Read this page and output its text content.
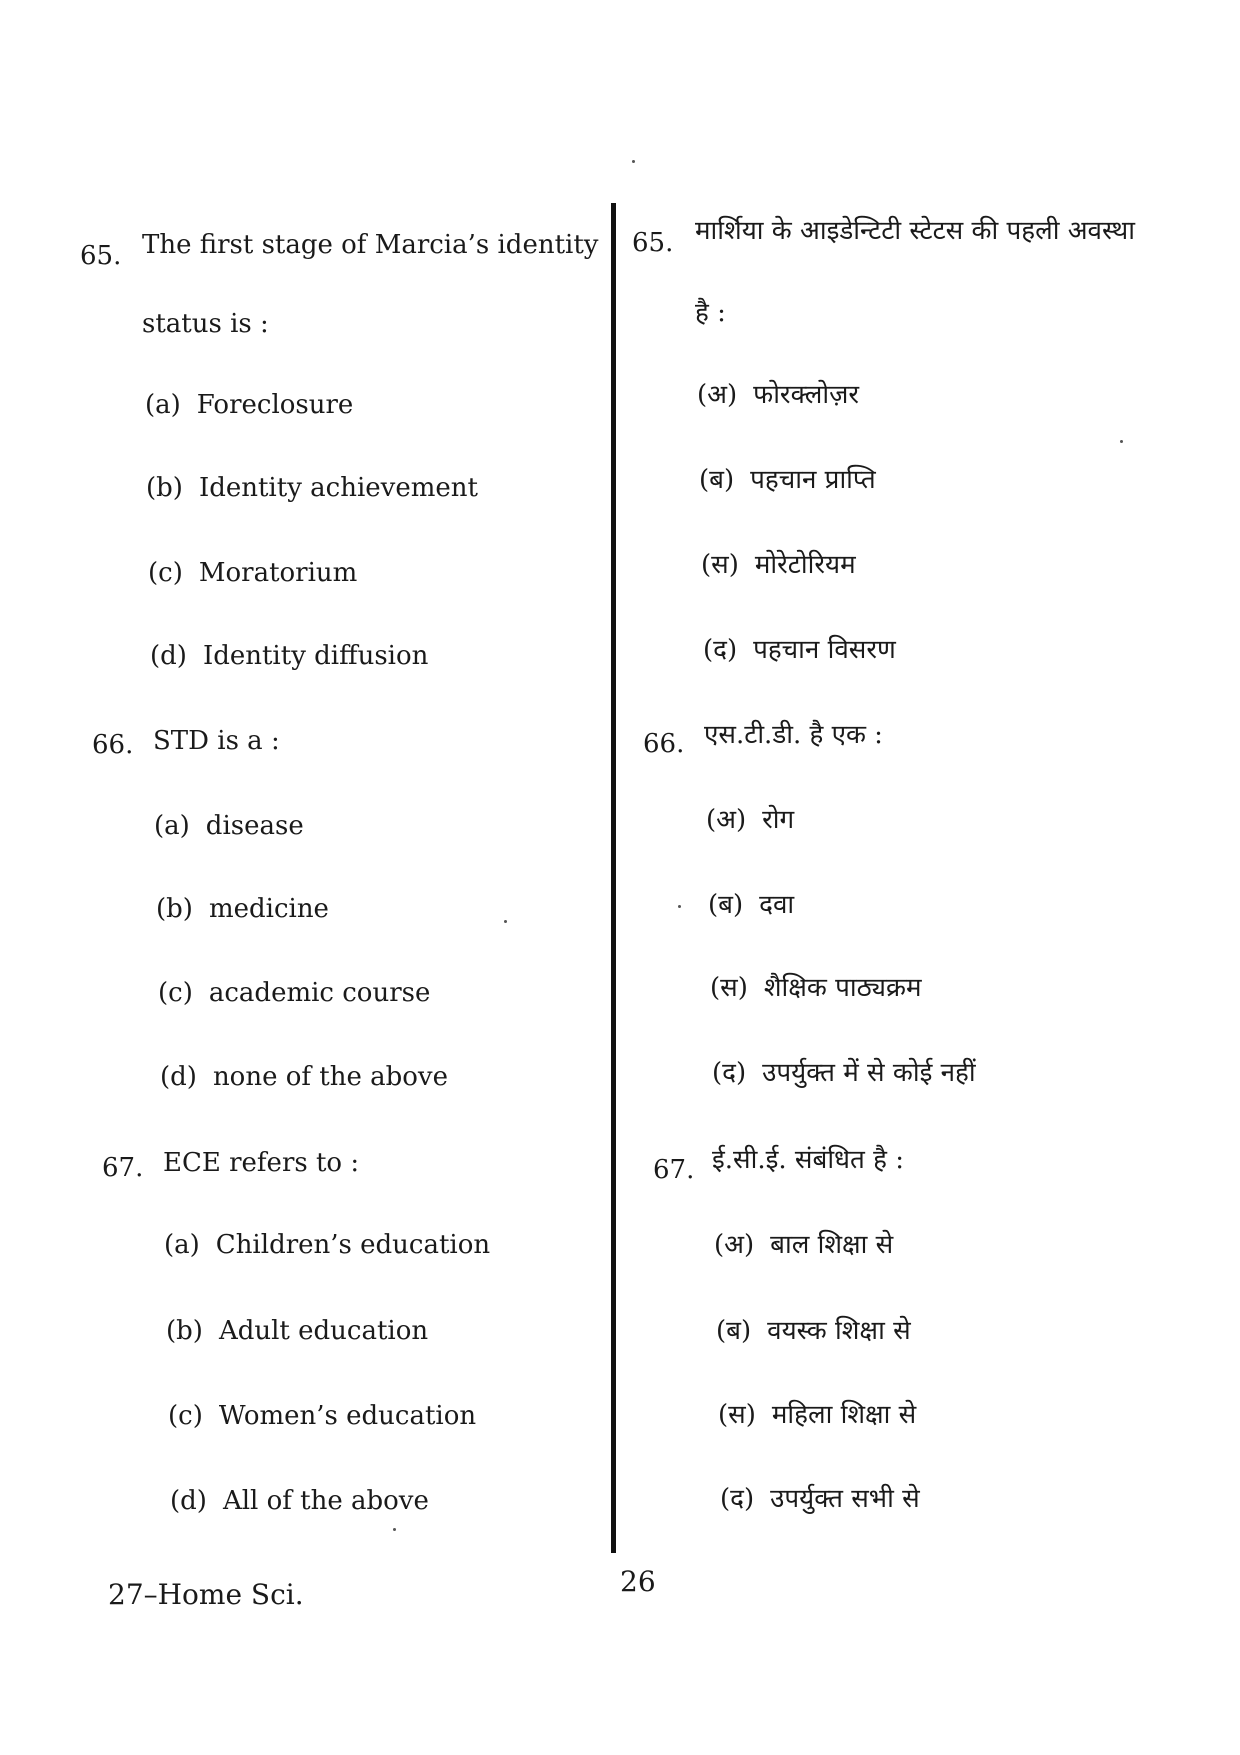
65. The first stage of Marcia’s identity
status is :
(a) Foreclosure
(b) Identity achievement
(c) Moratorium
(d) Identity diffusion
66. STD is a :
(a) disease
(b) medicine
(c) academic course
(d) none of the above
67. ECE refers to :
(a) Children’s education
(b) Adult education
(c) Women’s education
(d) All of the above
65. मार्शिया के आइडेन्टिटी स्टेटस की पहली अवस्था
है :
(अ) फोरक्लोज़र
(ब) पहचान प्राप्ति
(स) मोरेटोरियम
(द) पहचान विसरण
66. एस.टी.डी. है एक :
(अ) रोग
(ब) दवा
(स) शैक्षिक पाठ्यक्रम
(द) उपर्युक्त में से कोई नहीं
67. ई.सी.ई. संबंधित है :
(अ) बाल शिक्षा से
(ब) वयस्क शिक्षा से
(स) महिला शिक्षा से
(द) उपर्युक्त सभी से
27–Home Sci.	26
